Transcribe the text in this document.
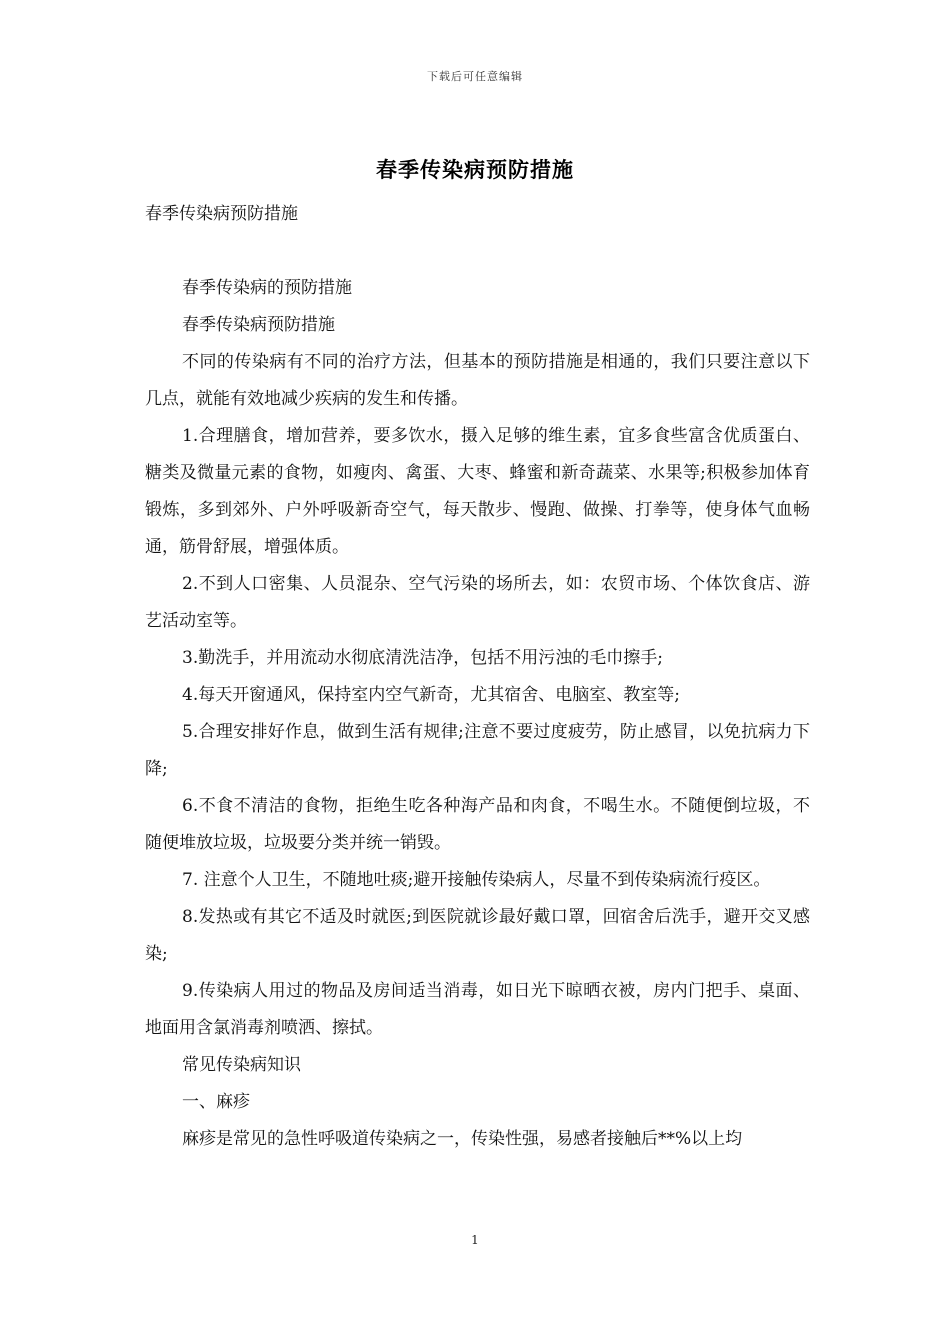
下载后可任意编辑
春季传染病预防措施

春季传染病预防措施

春季传染病的预防措施

春季传染病预防措施

不同的传染病有不同的治疗方法，但基本的预防措施是相通的，我们只要注意以下几点，就能有效地减少疾病的发生和传播。

1.合理膳食，增加营养，要多饮水，摄入足够的维生素，宜多食些富含优质蛋白、糖类及微量元素的食物，如瘦肉、禽蛋、大枣、蜂蜜和新奇蔬菜、水果等;积极参加体育锻炼，多到郊外、户外呼吸新奇空气，每天散步、慢跑、做操、打拳等，使身体气血畅通，筋骨舒展，增强体质。

2.不到人口密集、人员混杂、空气污染的场所去，如：农贸市场、个体饮食店、游艺活动室等。

3.勤洗手，并用流动水彻底清洗洁净，包括不用污浊的毛巾擦手;

4.每天开窗通风，保持室内空气新奇，尤其宿舍、电脑室、教室等;

5.合理安排好作息，做到生活有规律;注意不要过度疲劳，防止感冒，以免抗病力下降;

6.不食不清洁的食物，拒绝生吃各种海产品和肉食，不喝生水。不随便倒垃圾，不随便堆放垃圾，垃圾要分类并统一销毁。

7. 注意个人卫生，不随地吐痰;避开接触传染病人，尽量不到传染病流行疫区。

8.发热或有其它不适及时就医;到医院就诊最好戴口罩，回宿舍后洗手，避开交叉感染;

9.传染病人用过的物品及房间适当消毒，如日光下晾晒衣被，房内门把手、桌面、地面用含氯消毒剂喷洒、擦拭。

常见传染病知识

一、麻疹

麻疹是常见的急性呼吸道传染病之一，传染性强，易感者接触后**%以上均

1
